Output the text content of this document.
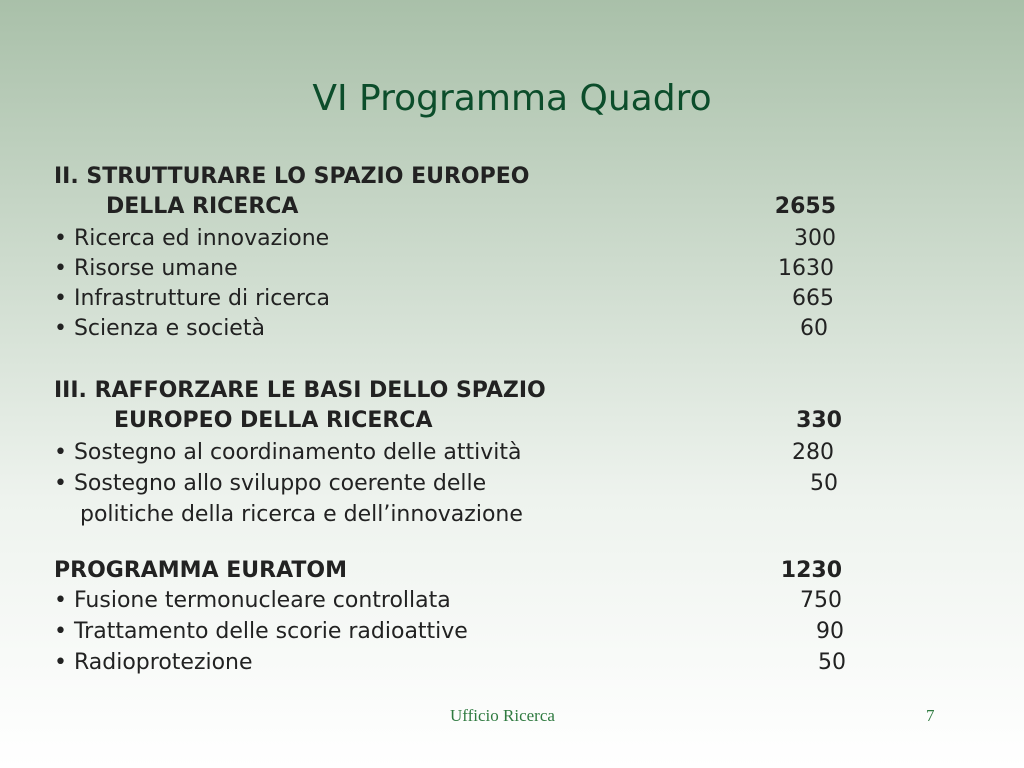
VI Programma Quadro
II. STRUTTURARE LO SPAZIO EUROPEO
DELLA RICERCA	2655
• Ricerca ed innovazione	300
• Risorse umane	1630
• Infrastrutture di ricerca	665
• Scienza e società	60
III. RAFFORZARE LE BASI DELLO SPAZIO
EUROPEO DELLA RICERCA	330
• Sostegno al coordinamento delle attività	280
• Sostegno allo sviluppo coerente delle	50
politiche della ricerca e dell’innovazione
PROGRAMMA EURATOM	1230
• Fusione termonucleare controllata	750
• Trattamento delle scorie radioattive	90
• Radioprotezione	50
Ufficio Ricerca	7
